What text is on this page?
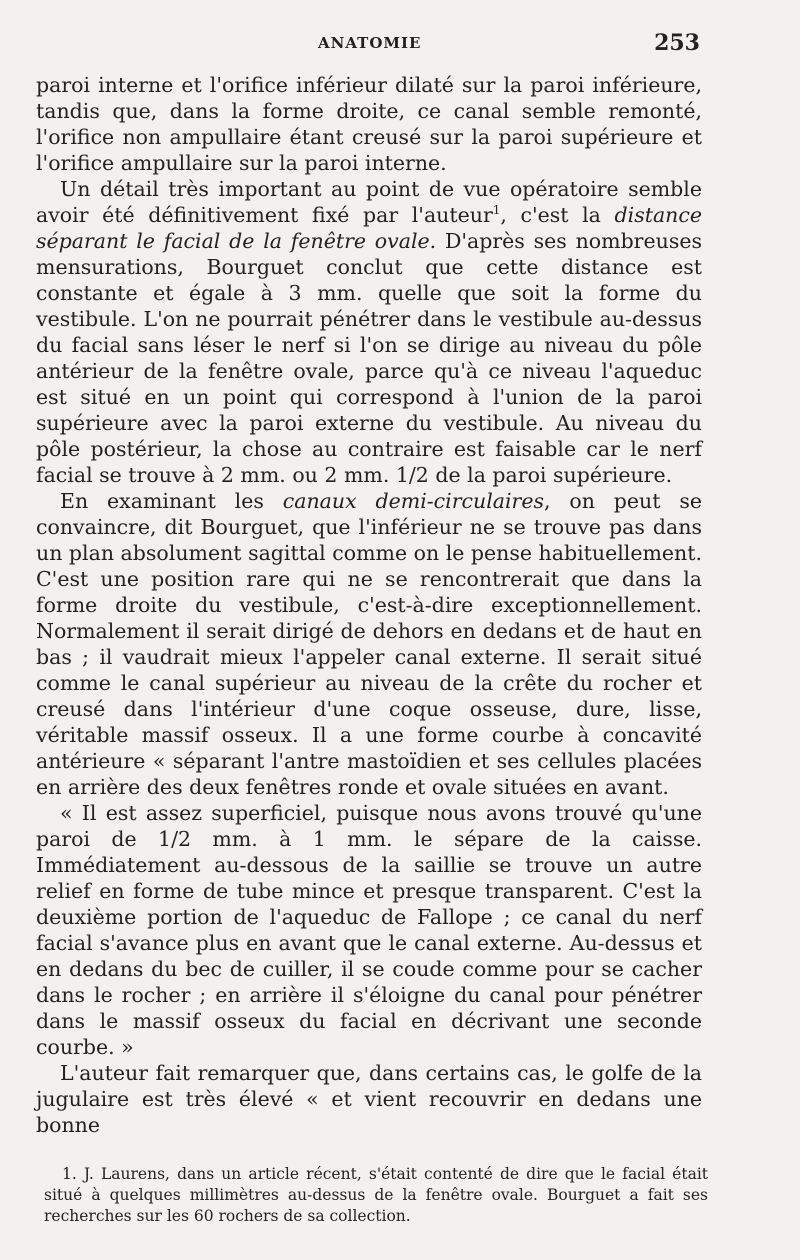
ANATOMIE	253

paroi interne et l'orifice inférieur dilaté sur la paroi inférieure, tandis que, dans la forme droite, ce canal semble remonté, l'orifice non ampullaire étant creusé sur la paroi supérieure et l'orifice ampullaire sur la paroi interne.

Un détail très important au point de vue opératoire semble avoir été définitivement fixé par l'auteur$^1$, c'est la distance séparant le facial de la fenêtre ovale. D'après ses nombreuses mensurations, Bourguet conclut que cette distance est constante et égale à 3 mm. quelle que soit la forme du vestibule. L'on ne pourrait pénétrer dans le vestibule au-dessus du facial sans léser le nerf si l'on se dirige au niveau du pôle antérieur de la fenêtre ovale, parce qu'à ce niveau l'aqueduc est situé en un point qui correspond à l'union de la paroi supérieure avec la paroi externe du vestibule. Au niveau du pôle postérieur, la chose au contraire est faisable car le nerf facial se trouve à 2 mm. ou 2 mm. 1/2 de la paroi supérieure.

En examinant les canaux demi-circulaires, on peut se convaincre, dit Bourguet, que l'inférieur ne se trouve pas dans un plan absolument sagittal comme on le pense habituellement. C'est une position rare qui ne se rencontrerait que dans la forme droite du vestibule, c'est-à-dire exceptionnellement. Normalement il serait dirigé de dehors en dedans et de haut en bas ; il vaudrait mieux l'appeler canal externe. Il serait situé comme le canal supérieur au niveau de la crête du rocher et creusé dans l'intérieur d'une coque osseuse, dure, lisse, véritable massif osseux. Il a une forme courbe à concavité antérieure « séparant l'antre mastoïdien et ses cellules placées en arrière des deux fenêtres ronde et ovale situées en avant.

« Il est assez superficiel, puisque nous avons trouvé qu'une paroi de 1/2 mm. à 1 mm. le sépare de la caisse. Immédiatement au-dessous de la saillie se trouve un autre relief en forme de tube mince et presque transparent. C'est la deuxième portion de l'aqueduc de Fallope ; ce canal du nerf facial s'avance plus en avant que le canal externe. Au-dessus et en dedans du bec de cuiller, il se coude comme pour se cacher dans le rocher ; en arrière il s'éloigne du canal pour pénétrer dans le massif osseux du facial en décrivant une seconde courbe. »

L'auteur fait remarquer que, dans certains cas, le golfe de la jugulaire est très élevé « et vient recouvrir en dedans une bonne

1. J. Laurens, dans un article récent, s'était contenté de dire que le facial était situé à quelques millimètres au-dessus de la fenêtre ovale. Bourguet a fait ses recherches sur les 60 rochers de sa collection.
